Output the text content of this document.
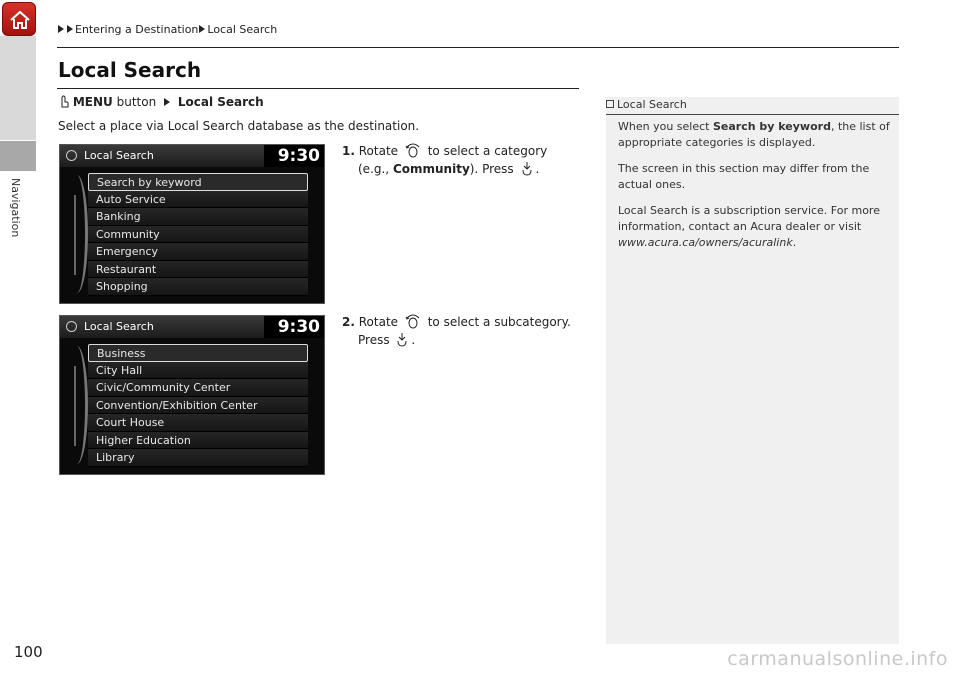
Navigation
Entering a Destination Local Search
Local Search
MENU button Local Search
Select a place via Local Search database as the destination.
1. Rotate to select a category
(e.g., Community). Press .
2. Rotate to select a subcategory.
Press .
Local Search	9:30
Search by keyword
Auto Service
Banking
Community
Emergency
Restaurant
Shopping
Local Search	9:30
Business
City Hall
Civic/Community Center
Convention/Exhibition Center
Court House
Higher Education
Library
Local Search
When you select Search by keyword, the list of appropriate categories is displayed.
The screen in this section may differ from the actual ones.
Local Search is a subscription service. For more information, contact an Acura dealer or visit www.acura.ca/owners/acuralink.
100	carmanualsonline.info
